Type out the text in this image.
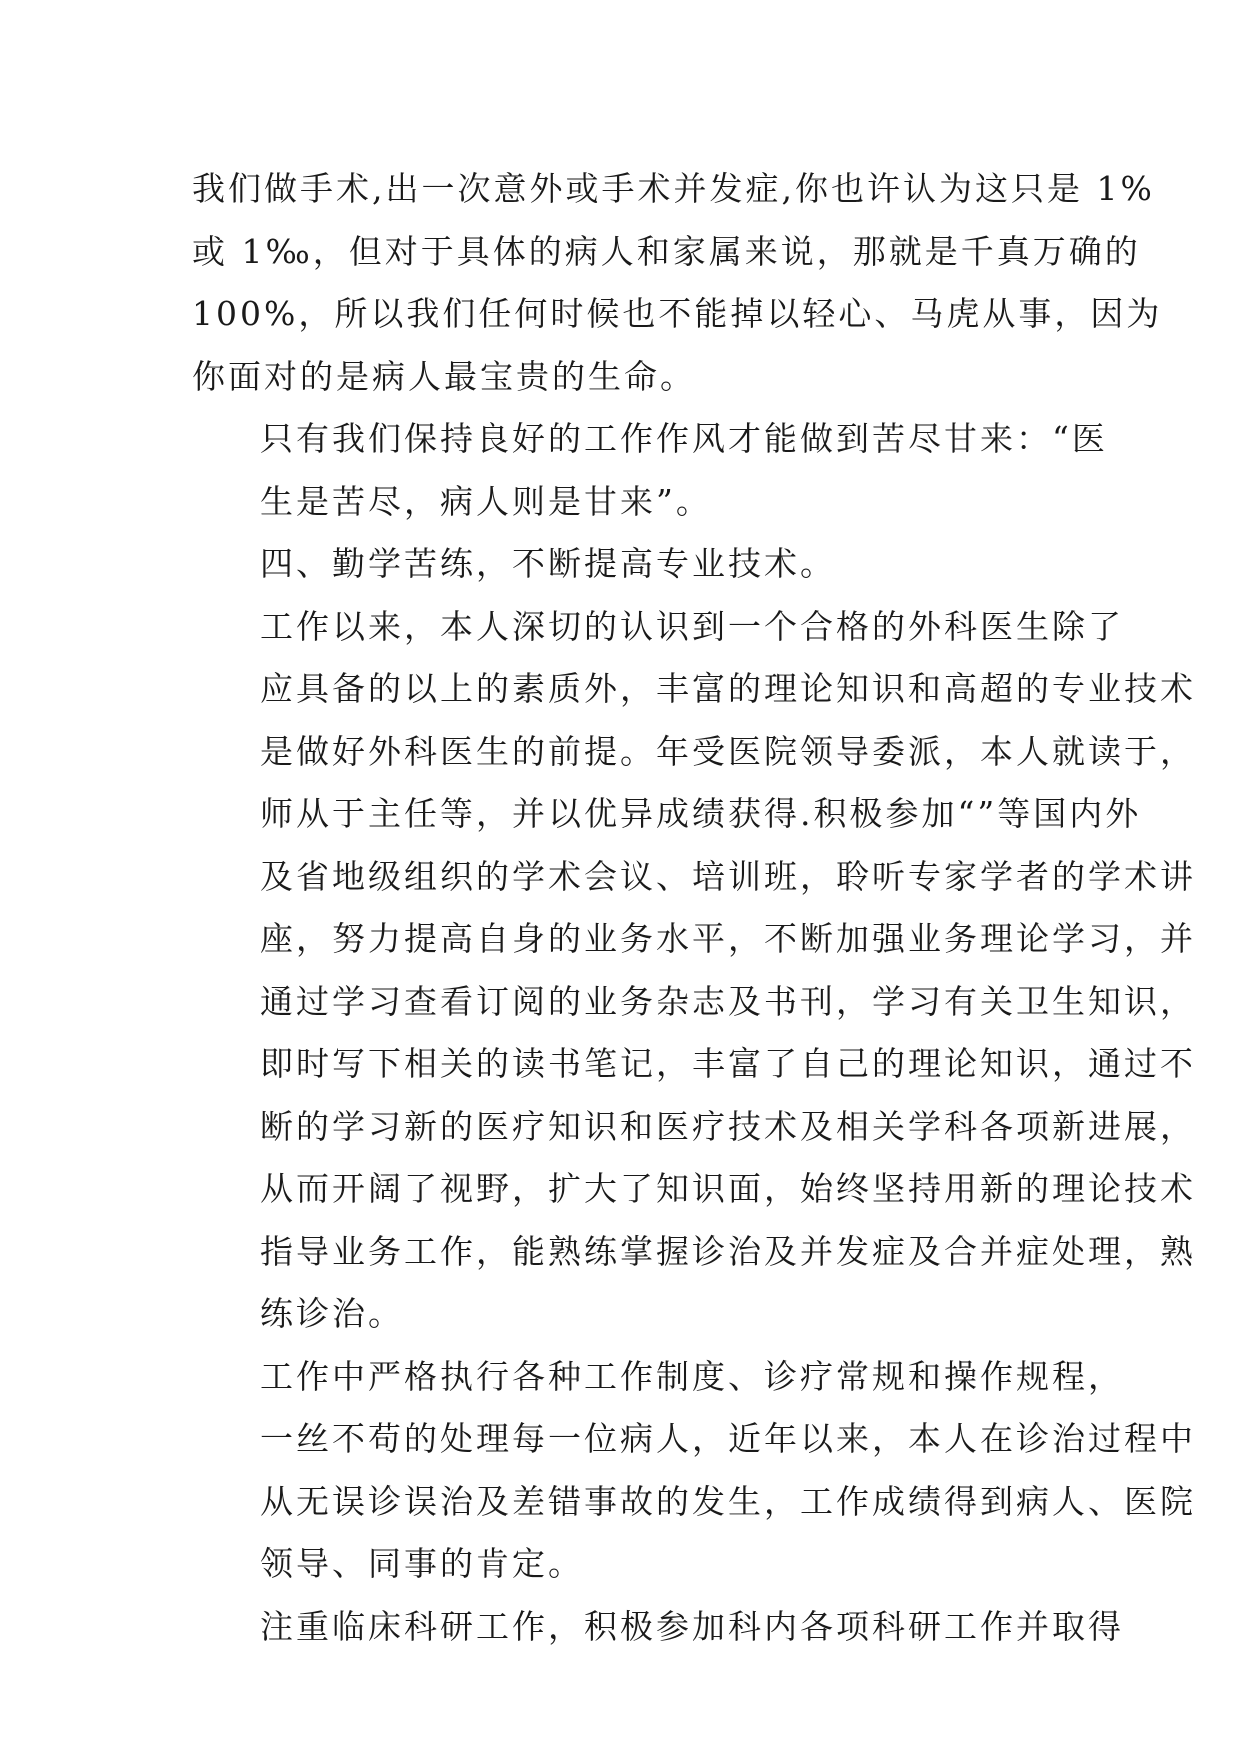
我们做手术,出一次意外或手术并发症,你也许认为这只是 1%
或 1‰，但对于具体的病人和家属来说，那就是千真万确的
100%，所以我们任何时候也不能掉以轻心、马虎从事，因为
你面对的是病人最宝贵的生命。

只有我们保持良好的工作作风才能做到苦尽甘来：“医
生是苦尽，病人则是甘来”。

四、勤学苦练，不断提高专业技术。

工作以来，本人深切的认识到一个合格的外科医生除了
应具备的以上的素质外，丰富的理论知识和高超的专业技术
是做好外科医生的前提。年受医院领导委派，本人就读于，
师从于主任等，并以优异成绩获得.积极参加“”等国内外
及省地级组织的学术会议、培训班，聆听专家学者的学术讲
座，努力提高自身的业务水平，不断加强业务理论学习，并
通过学习查看订阅的业务杂志及书刊，学习有关卫生知识，
即时写下相关的读书笔记，丰富了自己的理论知识，通过不
断的学习新的医疗知识和医疗技术及相关学科各项新进展，
从而开阔了视野，扩大了知识面，始终坚持用新的理论技术
指导业务工作，能熟练掌握诊治及并发症及合并症处理，熟
练诊治。

工作中严格执行各种工作制度、诊疗常规和操作规程，
一丝不苟的处理每一位病人，近年以来，本人在诊治过程中
从无误诊误治及差错事故的发生，工作成绩得到病人、医院
领导、同事的肯定。

注重临床科研工作，积极参加科内各项科研工作并取得
